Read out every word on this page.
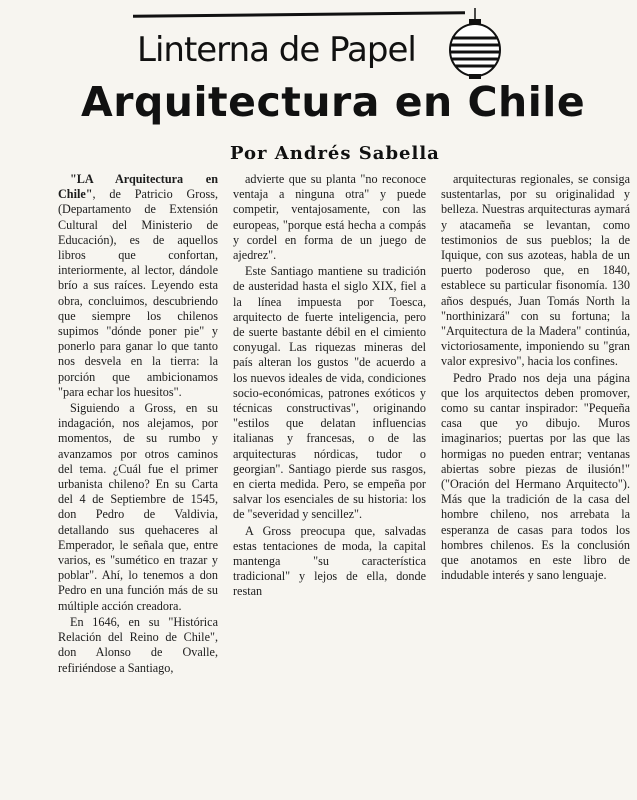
Linterna de Papel
Arquitectura en Chile
Por Andrés Sabella

"LA Arquitectura en Chile", de Patricio Gross, (Departamento de Extensión Cultural del Ministerio de Educación), es de aquellos libros que confortan, interiormente, al lector, dándole brío a sus raíces. Leyendo esta obra, concluimos, descubriendo que siempre los chilenos supimos "dónde poner pie" y ponerlo para ganar lo que tanto nos desvela en la tierra: la porción que ambicionamos "para echar los huesitos".

Siguiendo a Gross, en su indagación, nos alejamos, por momentos, de su rumbo y avanzamos por otros caminos del tema. ¿Cuál fue el primer urbanista chileno? En su Carta del 4 de Septiembre de 1545, don Pedro de Valdivia, detallando sus quehaceres al Emperador, le señala que, entre varios, es "sumético en trazar y poblar". Ahí, lo tenemos a don Pedro en una función más de su múltiple acción creadora.

En 1646, en su "Histórica Relación del Reino de Chile", don Alonso de Ovalle, refiriéndose a Santiago,

advierte que su planta "no reconoce ventaja a ninguna otra" y puede competir, ventajosamente, con las europeas, "porque está hecha a compás y cordel en forma de un juego de ajedrez".

Este Santiago mantiene su tradición de austeridad hasta el siglo XIX, fiel a la línea impuesta por Toesca, arquitecto de fuerte inteligencia, pero de suerte bastante débil en el cimiento conyugal. Las riquezas mineras del país alteran los gustos "de acuerdo a los nuevos ideales de vida, condiciones socio-económicas, patrones exóticos y técnicas constructivas", originando "estilos que delatan influencias italianas y francesas, o de las arquitecturas nórdicas, tudor o georgian". Santiago pierde sus rasgos, en cierta medida. Pero, se empeña por salvar los esenciales de su historia: los de "severidad y sencillez".

A Gross preocupa que, salvadas estas tentaciones de moda, la capital mantenga "su característica tradicional" y lejos de ella, donde restan

arquitecturas regionales, se consiga sustentarlas, por su originalidad y belleza. Nuestras arquitecturas aymará y atacameña se levantan, como testimonios de sus pueblos; la de Iquique, con sus azoteas, habla de un puerto poderoso que, en 1840, establece su particular fisonomía. 130 años después, Juan Tomás North la "northinizará" con su fortuna; la "Arquitectura de la Madera" continúa, victoriosamente, imponiendo su "gran valor expresivo", hacia los confines.

Pedro Prado nos deja una página que los arquitectos deben promover, como su cantar inspirador: "Pequeña casa que yo dibujo. Muros imaginarios; puertas por las que las hormigas no pueden entrar; ventanas abiertas sobre piezas de ilusión!" ("Oración del Hermano Arquitecto"). Más que la tradición de la casa del hombre chileno, nos arrebata la esperanza de casas para todos los hombres chilenos. Es la conclusión que anotamos en este libro de indudable interés y sano lenguaje.
